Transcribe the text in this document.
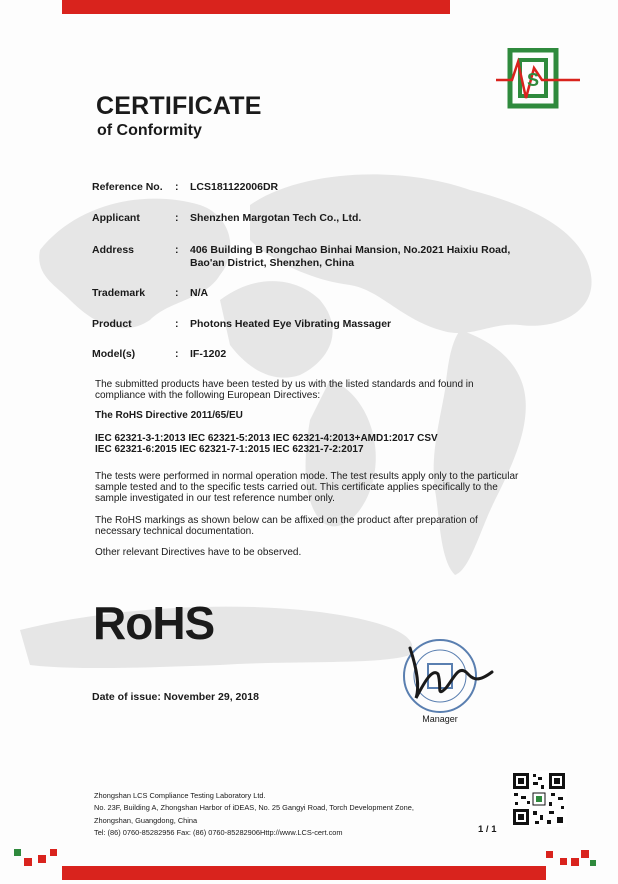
S
CERTIFICATE
of Conformity
Reference No. : LCS181122006DR
Applicant	: Shenzhen Margotan Tech Co., Ltd.
Address	: 406 Building B Rongchao Binhai Mansion, No.2021 Haixiu Road,
Bao'an District, Shenzhen, China
Trademark	: N/A
Product	: Photons Heated Eye Vibrating Massager
Model(s)	: IF-1202
The submitted products have been tested by us with the listed standards and found in
compliance with the following European Directives:
The RoHS Directive 2011/65/EU
IEC 62321-3-1:2013 IEC 62321-5:2013 IEC 62321-4:2013+AMD1:2017 CSV
IEC 62321-6:2015 IEC 62321-7-1:2015 IEC 62321-7-2:2017
The tests were performed in normal operation mode. The test results apply only to the particular
sample tested and to the specific tests carried out. This certificate applies specifically to the
sample investigated in our test reference number only.
The RoHS markings as shown below can be affixed on the product after preparation of
necessary technical documentation.
Other relevant Directives have to be observed.
RoHS
Manager
Date of issue: November 29, 2018
Zhongshan LCS Compliance Testing Laboratory Ltd.
No. 23F, Building A, Zhongshan Harbor of iDEAS, No. 25 Gangyi Road, Torch Development Zone,
Zhongshan, Guangdong, China
Tel: (86) 0760-85282956 Fax: (86) 0760-85282906Http://www.LCS-cert.com	1 / 1
